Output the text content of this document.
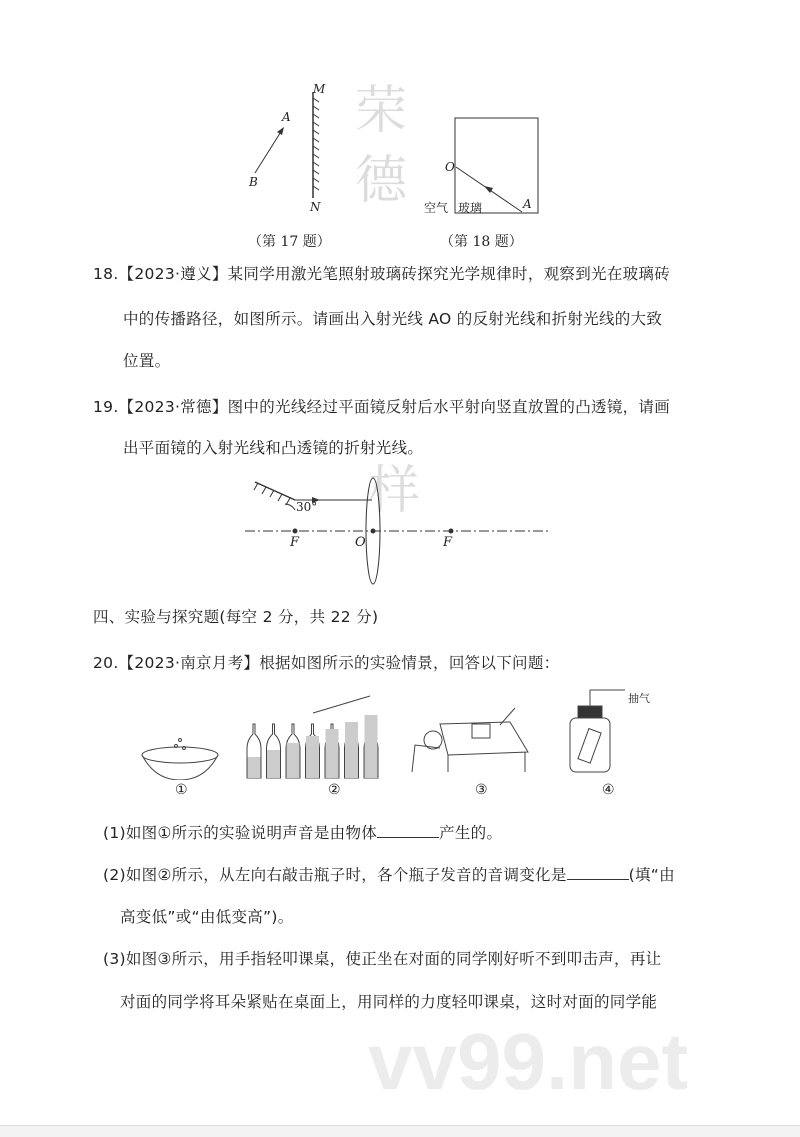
荣
德
样
vv99.net
M
N
A
B
（第 17 题）
O
A
空气 玻璃
（第 18 题）
18.【2023·遵义】某同学用激光笔照射玻璃砖探究光学规律时，观察到光在玻璃砖
中的传播路径，如图所示。请画出入射光线 AO 的反射光线和折射光线的大致
位置。
19.【2023·常德】图中的光线经过平面镜反射后水平射向竖直放置的凸透镜，请画
出平面镜的入射光线和凸透镜的折射光线。
30°
F	O	F
四、实验与探究题(每空 2 分，共 22 分)
20.【2023·南京月考】根据如图所示的实验情景，回答以下问题：
①	②	③	④
抽气
(1)如图①所示的实验说明声音是由物体	产生的。
(2)如图②所示，从左向右敲击瓶子时，各个瓶子发音的音调变化是	(填“由
高变低”或“由低变高”)。
(3)如图③所示，用手指轻叩课桌，使正坐在对面的同学刚好听不到叩击声，再让
对面的同学将耳朵紧贴在桌面上，用同样的力度轻叩课桌，这时对面的同学能
